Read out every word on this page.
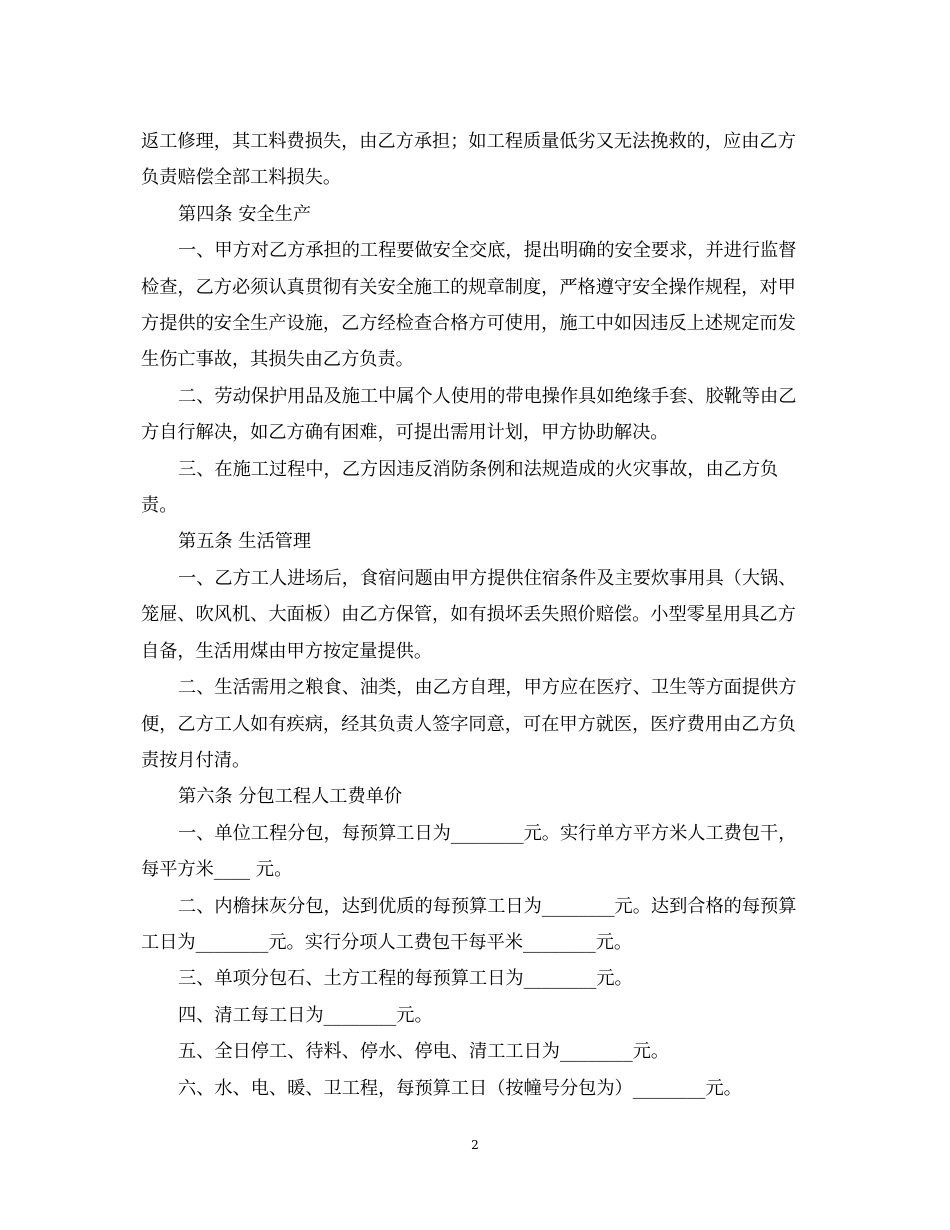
返工修理，其工料费损失，由乙方承担；如工程质量低劣又无法挽救的，应由乙方负责赔偿全部工料损失。

第四条 安全生产

一、甲方对乙方承担的工程要做安全交底，提出明确的安全要求，并进行监督检查，乙方必须认真贯彻有关安全施工的规章制度，严格遵守安全操作规程，对甲方提供的安全生产设施，乙方经检查合格方可使用，施工中如因违反上述规定而发生伤亡事故，其损失由乙方负责。

二、劳动保护用品及施工中属个人使用的带电操作具如绝缘手套、胶靴等由乙方自行解决，如乙方确有困难，可提出需用计划，甲方协助解决。

三、在施工过程中，乙方因违反消防条例和法规造成的火灾事故，由乙方负责。

第五条 生活管理

一、乙方工人进场后，食宿问题由甲方提供住宿条件及主要炊事用具（大锅、笼屉、吹风机、大面板）由乙方保管，如有损坏丢失照价赔偿。小型零星用具乙方自备，生活用煤由甲方按定量提供。

二、生活需用之粮食、油类，由乙方自理，甲方应在医疗、卫生等方面提供方便，乙方工人如有疾病，经其负责人签字同意，可在甲方就医，医疗费用由乙方负责按月付清。

第六条 分包工程人工费单价

一、单位工程分包，每预算工日为________元。实行单方平方米人工费包干，每平方米____ 元。

二、内檐抹灰分包，达到优质的每预算工日为________元。达到合格的每预算工日为________元。实行分项人工费包干每平米________元。

三、单项分包石、土方工程的每预算工日为________元。

四、清工每工日为________元。

五、全日停工、待料、停水、停电、清工工日为________元。

六、水、电、暖、卫工程，每预算工日（按幢号分包为）________元。

2
